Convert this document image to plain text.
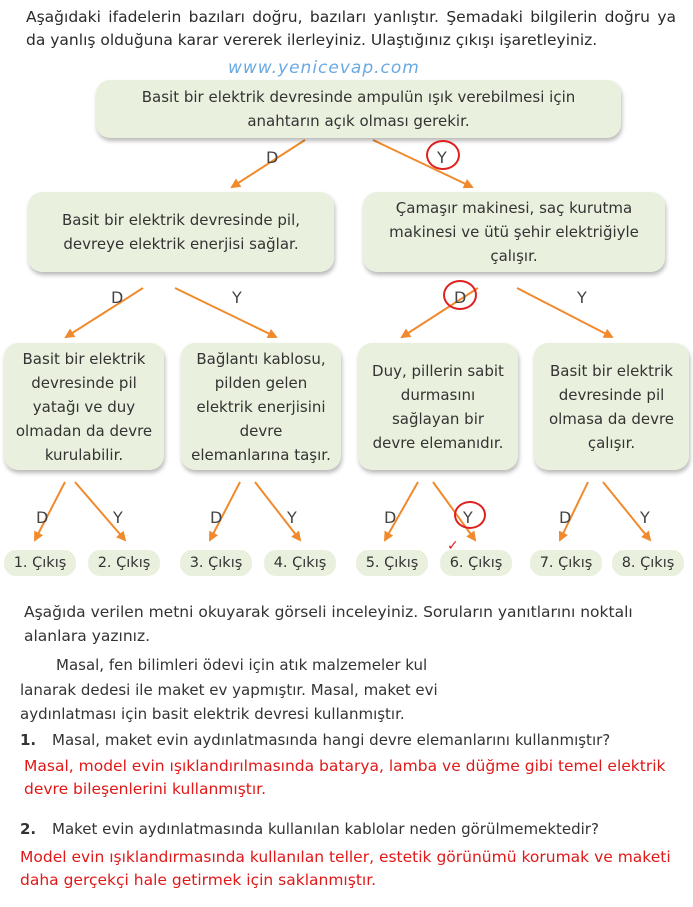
Aşağıdaki ifadelerin bazıları doğru, bazıları yanlıştır. Şemadaki bilgilerin doğru ya da yanlış olduğuna karar vererek ilerleyiniz. Ulaştığınız çıkışı işaretleyiniz.
www.yenicevap.com
Basit bir elektrik devresinde ampulün ışık verebilmesi için anahtarın açık olması gerekir.
Basit bir elektrik devresinde pil, devreye elektrik enerjisi sağlar.
Çamaşır makinesi, saç kurutma makinesi ve ütü şehir elektriğiyle çalışır.
Basit bir elektrik devresinde pil yatağı ve duy olmadan da devre kurulabilir.
Bağlantı kablosu, pilden gelen elektrik enerjisini devre elemanlarına taşır.
Duy, pillerin sabit durmasını sağlayan bir devre elemanıdır.
Basit bir elektrik devresinde pil olmasa da devre çalışır.
D	Y
D	Y	D	Y
D	Y	D	Y	D	Y	D	Y
1. Çıkış	2. Çıkış	3. Çıkış	4. Çıkış	5. Çıkış	6. Çıkış
✓
7. Çıkış	8. Çıkış
Aşağıda verilen metni okuyarak görseli inceleyiniz. Soruların yanıtlarını noktalı alanlara yazınız.
Masal, fen bilimleri ödevi için atık malzemeler kul
lanarak dedesi ile maket ev yapmıştır. Masal, maket evi
aydınlatması için basit elektrik devresi kullanmıştır.
1. Masal, maket evin aydınlatmasında hangi devre elemanlarını kullanmıştır?
Masal, model evin ışıklandırılmasında batarya, lamba ve düğme gibi temel elektrik devre bileşenlerini kullanmıştır.
2. Maket evin aydınlatmasında kullanılan kablolar neden görülmemektedir?
Model evin ışıklandırmasında kullanılan teller, estetik görünümü korumak ve maketi daha gerçekçi hale getirmek için saklanmıştır.
